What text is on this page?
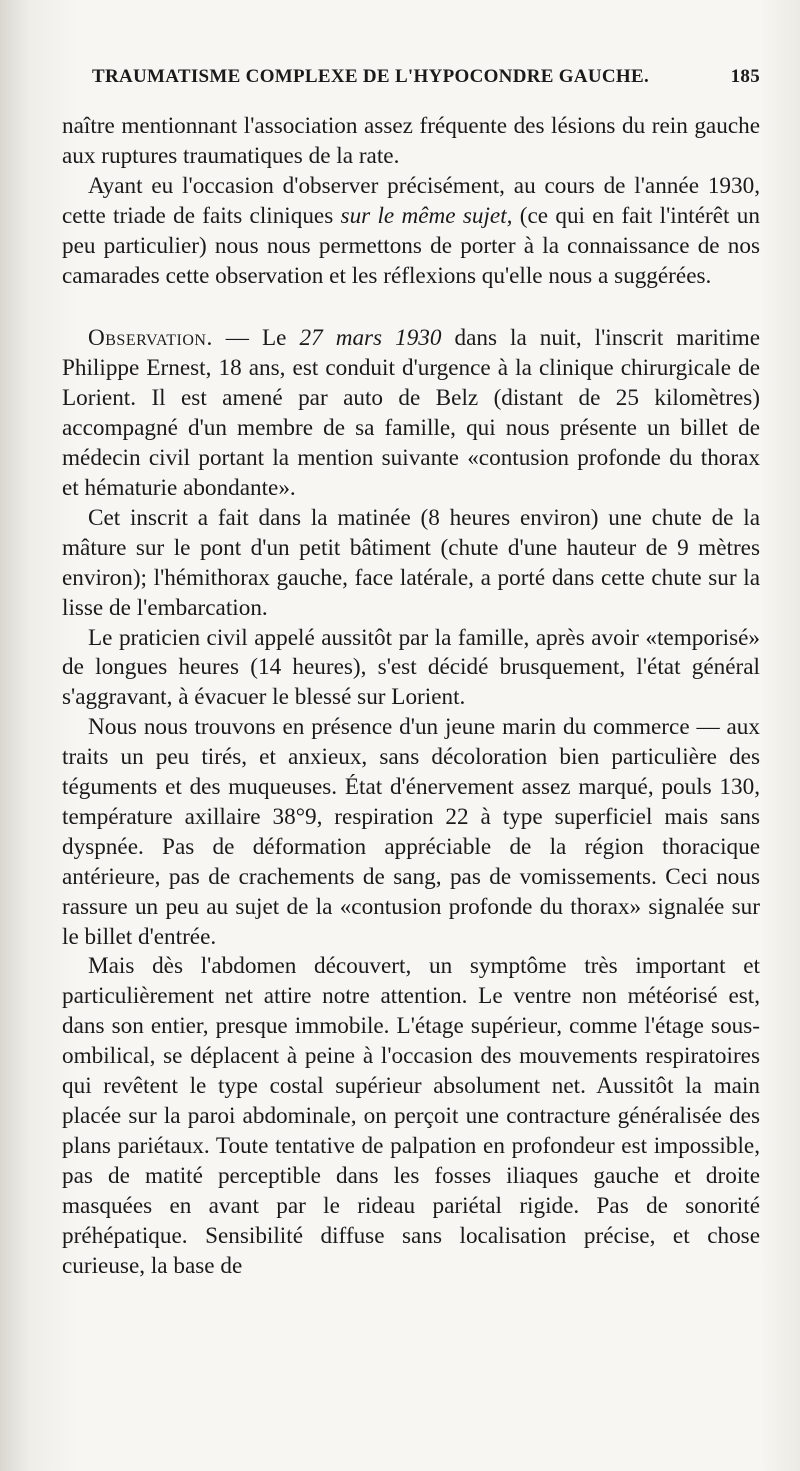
TRAUMATISME COMPLEXE DE L'HYPOCONDRE GAUCHE.	185

naître mentionnant l'association assez fréquente des lésions du rein gauche aux ruptures traumatiques de la rate.

Ayant eu l'occasion d'observer précisément, au cours de l'année 1930, cette triade de faits cliniques sur le même sujet, (ce qui en fait l'intérêt un peu particulier) nous nous permettons de porter à la connaissance de nos camarades cette observation et les réflexions qu'elle nous a suggérées.

Observation. — Le 27 mars 1930 dans la nuit, l'inscrit maritime Philippe Ernest, 18 ans, est conduit d'urgence à la clinique chirurgicale de Lorient. Il est amené par auto de Belz (distant de 25 kilomètres) accompagné d'un membre de sa famille, qui nous présente un billet de médecin civil portant la mention suivante «contusion profonde du thorax et hématurie abondante».

Cet inscrit a fait dans la matinée (8 heures environ) une chute de la mâture sur le pont d'un petit bâtiment (chute d'une hauteur de 9 mètres environ); l'hémithorax gauche, face latérale, a porté dans cette chute sur la lisse de l'embarcation.

Le praticien civil appelé aussitôt par la famille, après avoir «temporisé» de longues heures (14 heures), s'est décidé brusquement, l'état général s'aggravant, à évacuer le blessé sur Lorient.

Nous nous trouvons en présence d'un jeune marin du commerce — aux traits un peu tirés, et anxieux, sans décoloration bien particulière des téguments et des muqueuses. État d'énervement assez marqué, pouls 130, température axillaire 38°9, respiration 22 à type superficiel mais sans dyspnée. Pas de déformation appréciable de la région thoracique antérieure, pas de crachements de sang, pas de vomissements. Ceci nous rassure un peu au sujet de la «contusion profonde du thorax» signalée sur le billet d'entrée.

Mais dès l'abdomen découvert, un symptôme très important et particulièrement net attire notre attention. Le ventre non météorisé est, dans son entier, presque immobile. L'étage supérieur, comme l'étage sous-ombilical, se déplacent à peine à l'occasion des mouvements respiratoires qui revêtent le type costal supérieur absolument net. Aussitôt la main placée sur la paroi abdominale, on perçoit une contracture généralisée des plans pariétaux. Toute tentative de palpation en profondeur est impossible, pas de matité perceptible dans les fosses iliaques gauche et droite masquées en avant par le rideau pariétal rigide. Pas de sonorité préhépatique. Sensibilité diffuse sans localisation précise, et chose curieuse, la base de
